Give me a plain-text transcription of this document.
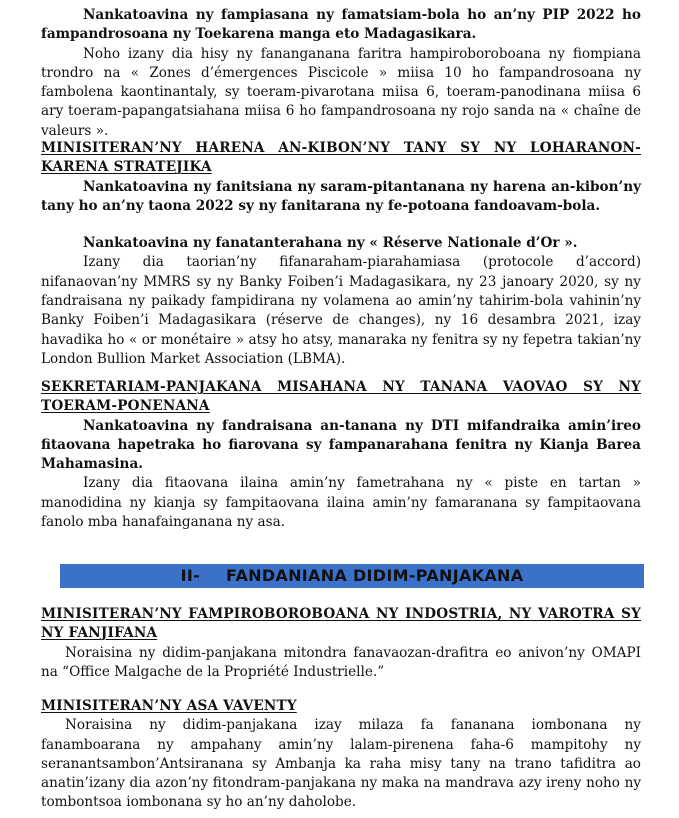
Nankatoavina ny fampiasana ny famatsiam-bola ho an’ny PIP 2022 ho fampandrosoana ny Toekarena manga eto Madagasikara.

Noho izany dia hisy ny fananganana faritra hampiroboroboana ny fiompiana trondro na « Zones d’émergences Piscicole » miisa 10 ho fampandrosoana ny fambolena kaontinantaly, sy toeram-pivarotana miisa 6, toeram-panodinana miisa 6 ary toeram-papangatsiahana miisa 6 ho fampandrosoana ny rojo sanda na « chaîne de valeurs ».

MINISITERAN’NY HARENA AN-KIBON’NY TANY SY NY LOHARANON-KARENA STRATEJIKA

Nankatoavina ny fanitsiana ny saram-pitantanana ny harena an-kibon’ny tany ho an’ny taona 2022 sy ny fanitarana ny fe-potoana fandoavam-bola.

Nankatoavina ny fanatanterahana ny « Réserve Nationale d’Or ».

Izany dia taorian’ny fifanaraham-piarahamiasa (protocole d’accord) nifanaovan’ny MMRS sy ny Banky Foiben’i Madagasikara, ny 23 janoary 2020, sy ny fandraisana ny paikady fampidirana ny volamena ao amin’ny tahirim-bola vahinin’ny Banky Foiben’i Madagasikara (réserve de changes), ny 16 desambra 2021, izay havadika ho « or monétaire » atsy ho atsy, manaraka ny fenitra sy ny fepetra takian’ny London Bullion Market Association (LBMA).

SEKRETARIAM-PANJAKANA MISAHANA NY TANANA VAOVAO SY NY TOERAM-PONENANA

Nankatoavina ny fandraisana an-tanana ny DTI mifandraika amin’ireo fitaovana hapetraka ho fiarovana sy fampanarahana fenitra ny Kianja Barea Mahamasina.

Izany dia fitaovana ilaina amin’ny fametrahana ny « piste en tartan » manodidina ny kianja sy fampitaovana ilaina amin’ny famaranana sy fampitaovana fanolo mba hanafainganana ny asa.

II- FANDANIANA DIDIM-PANJAKANA

MINISITERAN’NY FAMPIROBOROBOANA NY INDOSTRIA, NY VAROTRA SY NY FANJIFANA

Noraisina ny didim-panjakana mitondra fanavaozan-drafitra eo anivon’ny OMAPI na “Office Malgache de la Propriété Industrielle.”

MINISITERAN’NY ASA VAVENTY

Noraisina ny didim-panjakana izay milaza fa fananana iombonana ny fanamboarana ny ampahany amin’ny lalam-pirenena faha-6 mampitohy ny seranantsambon’Antsiranana sy Ambanja ka raha misy tany na trano tafiditra ao anatin’izany dia azon’ny fitondram-panjakana ny maka na mandrava azy ireny noho ny tombontsoa iombonana sy ho an’ny daholobe.
